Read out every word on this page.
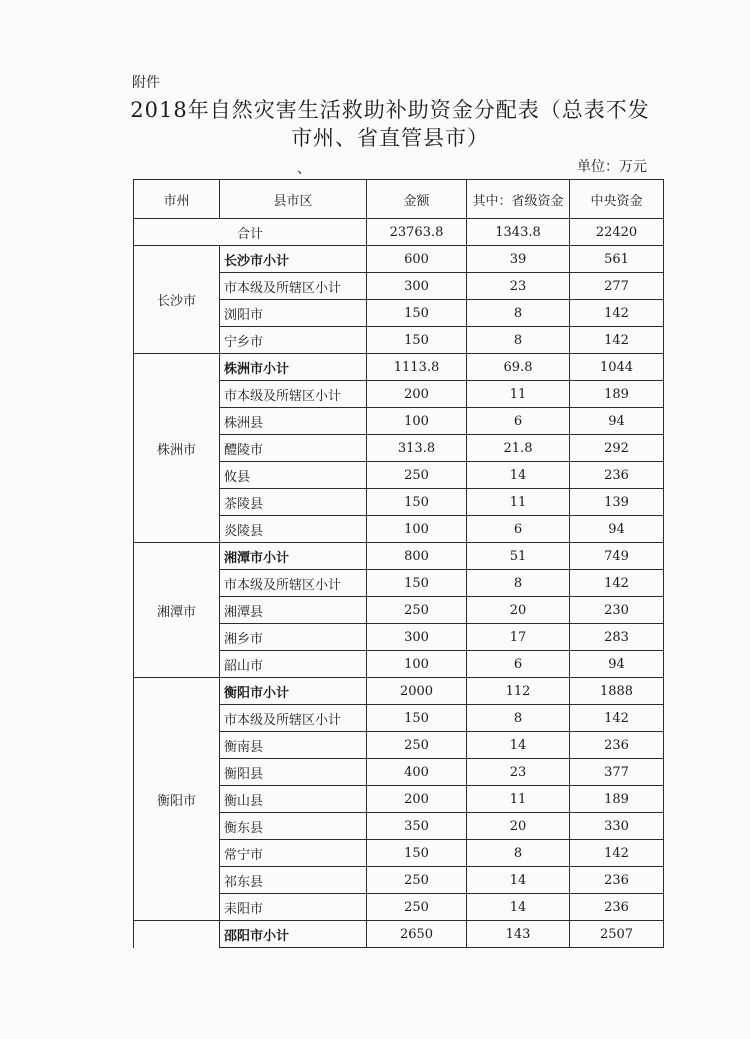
附件
2018年自然灾害生活救助补助资金分配表（总表不发
市州、省直管县市）
、	单位：万元
市州	县市区	金额	其中：省级资金	中央资金
合计		23763.8	1343.8	22420
长沙市	长沙市小计	600	39	561
	市本级及所辖区小计	300	23	277
	浏阳市	150	8	142
	宁乡市	150	8	142
株洲市	株洲市小计	1113.8	69.8	1044
	市本级及所辖区小计	200	11	189
	株洲县	100	6	94
	醴陵市	313.8	21.8	292
	攸县	250	14	236
	茶陵县	150	11	139
	炎陵县	100	6	94
湘潭市	湘潭市小计	800	51	749
	市本级及所辖区小计	150	8	142
	湘潭县	250	20	230
	湘乡市	300	17	283
	韶山市	100	6	94
衡阳市	衡阳市小计	2000	112	1888
	市本级及所辖区小计	150	8	142
	衡南县	250	14	236
	衡阳县	400	23	377
	衡山县	200	11	189
	衡东县	350	20	330
	常宁市	150	8	142
	祁东县	250	14	236
	耒阳市	250	14	236
	邵阳市小计	2650	143	2507
